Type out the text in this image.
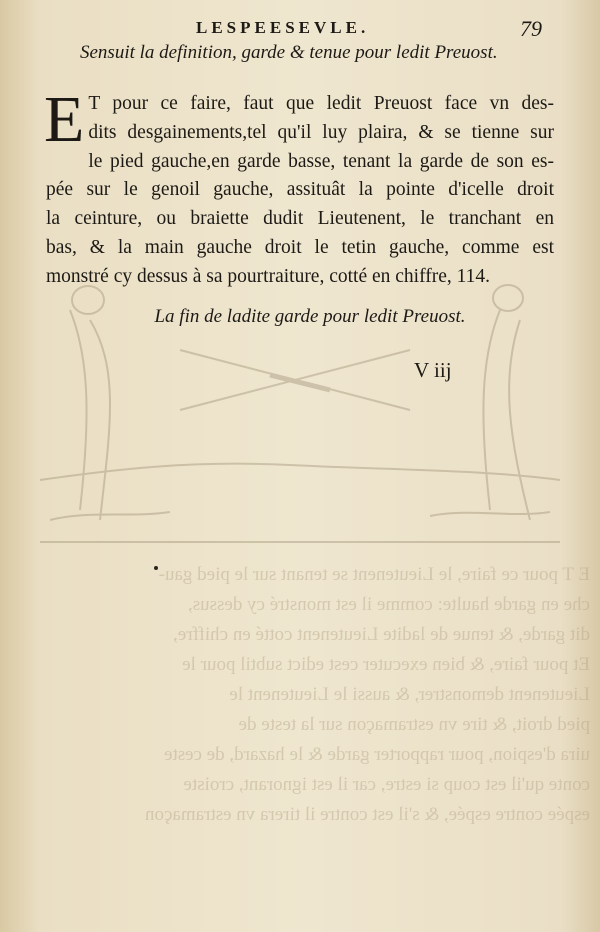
E T pour ce faire, le Lieutenent se tenant sur le pied gau-
che en garde haulte: comme il est monstré cy dessus,
dit garde, & tenue de ladite Lieutenent cotté en chiffre,
Et pour faire, & bien executer cest edict subtil pour le
Lieutenent demonstrer, & aussi le Lieutenent le
pied droit, & tire vn estramaçon sur la teste de
uira d'espion, pour rapporter garde & le hazard, de ceste
conte qu'il est coup si estre, car il est ignorant, croiste
espée contre espée, & s'il est contre il tirera vn estramaçon
LESPEESEVLE.	79
Sensuit la definition, garde & tenue pour ledit Preuost.
E T pour ce faire, faut que ledit Preuost face vn des-
dits desgainements,tel qu'il luy plaira, & se tienne sur
le pied gauche,en garde basse, tenant la garde de son es-
pée sur le genoil gauche, assituât la pointe d'icelle droit
la ceinture, ou braiette dudit Lieutenent, le tranchant en
bas, & la main gauche droit le tetin gauche, comme est
monstré cy dessus à sa pourtraiture, cotté en chiffre, 114.
La fin de ladite garde pour ledit Preuost.
V iij
